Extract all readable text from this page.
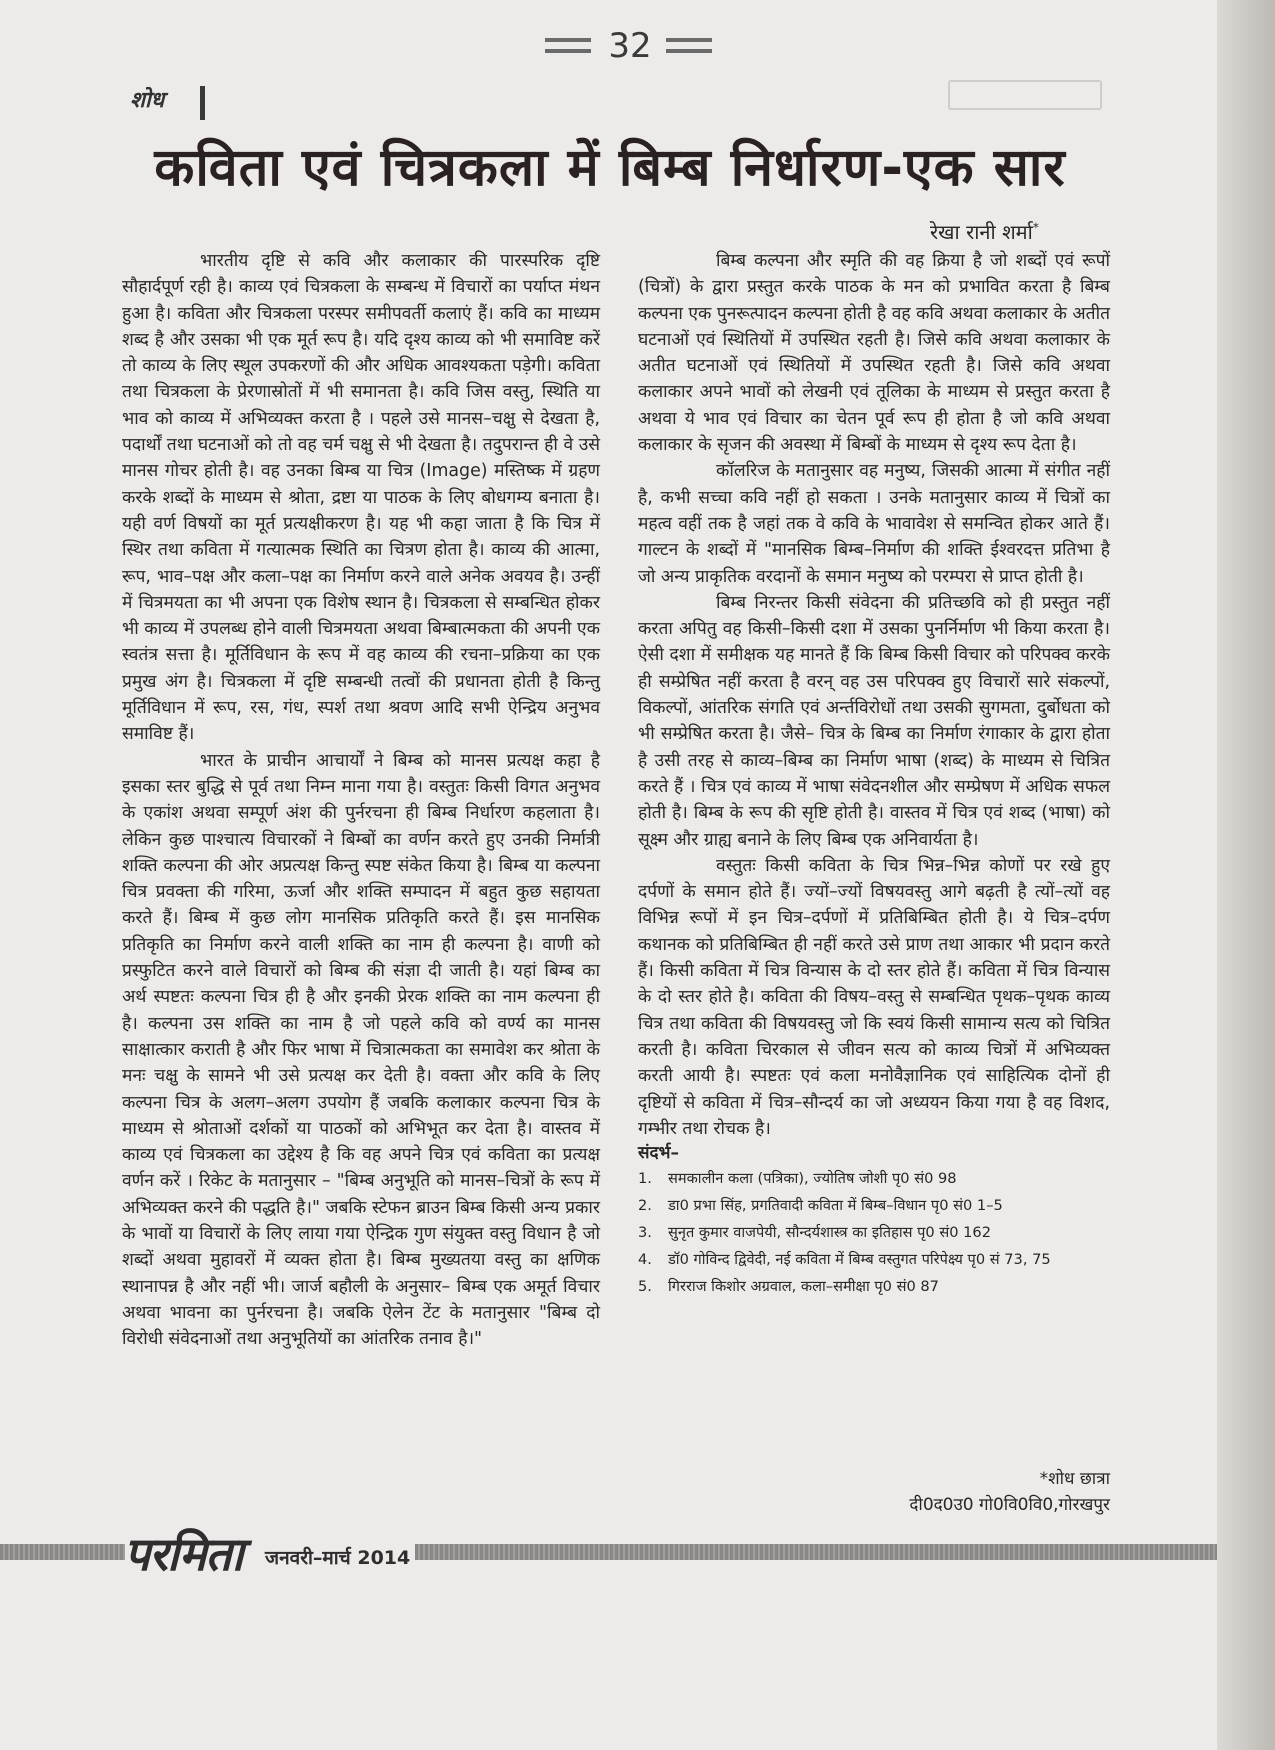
32
शोध
कविता एवं चित्रकला में बिम्ब निर्धारण-एक सार
रेखा रानी शर्मा*

भारतीय दृष्टि से कवि और कलाकार की पारस्परिक दृष्टि सौहार्दपूर्ण रही है। काव्य एवं चित्रकला के सम्बन्ध में विचारों का पर्याप्त मंथन हुआ है। कविता और चित्रकला परस्पर समीपवर्ती कलाएं हैं। कवि का माध्यम शब्द है और उसका भी एक मूर्त रूप है। यदि दृश्य काव्य को भी समाविष्ट करें तो काव्य के लिए स्थूल उपकरणों की और अधिक आवश्यकता पड़ेगी। कविता तथा चित्रकला के प्रेरणास्रोतों में भी समानता है। कवि जिस वस्तु, स्थिति या भाव को काव्य में अभिव्यक्त करता है । पहले उसे मानस–चक्षु से देखता है, पदार्थों तथा घटनाओं को तो वह चर्म चक्षु से भी देखता है। तदुपरान्त ही वे उसे मानस गोचर होती है। वह उनका बिम्ब या चित्र (Image) मस्तिष्क में ग्रहण करके शब्दों के माध्यम से श्रोता, द्रष्टा या पाठक के लिए बोधगम्य बनाता है। यही वर्ण विषयों का मूर्त प्रत्यक्षीकरण है। यह भी कहा जाता है कि चित्र में स्थिर तथा कविता में गत्यात्मक स्थिति का चित्रण होता है। काव्य की आत्मा, रूप, भाव–पक्ष और कला–पक्ष का निर्माण करने वाले अनेक अवयव है। उन्हीं में चित्रमयता का भी अपना एक विशेष स्थान है। चित्रकला से सम्बन्धित होकर भी काव्य में उपलब्ध होने वाली चित्रमयता अथवा बिम्बात्मकता की अपनी एक स्वतंत्र सत्ता है। मूर्तिविधान के रूप में वह काव्य की रचना–प्रक्रिया का एक प्रमुख अंग है। चित्रकला में दृष्टि सम्बन्धी तत्वों की प्रधानता होती है किन्तु मूर्तिविधान में रूप, रस, गंध, स्पर्श तथा श्रवण आदि सभी ऐन्द्रिय अनुभव समाविष्ट हैं।

भारत के प्राचीन आचार्यों ने बिम्ब को मानस प्रत्यक्ष कहा है इसका स्तर बुद्धि से पूर्व तथा निम्न माना गया है। वस्तुतः किसी विगत अनुभव के एकांश अथवा सम्पूर्ण अंश की पुर्नरचना ही बिम्ब निर्धारण कहलाता है। लेकिन कुछ पाश्चात्य विचारकों ने बिम्बों का वर्णन करते हुए उनकी निर्मात्री शक्ति कल्पना की ओर अप्रत्यक्ष किन्तु स्पष्ट संकेत किया है। बिम्ब या कल्पना चित्र प्रवक्ता की गरिमा, ऊर्जा और शक्ति सम्पादन में बहुत कुछ सहायता करते हैं। बिम्ब में कुछ लोग मानसिक प्रतिकृति करते हैं। इस मानसिक प्रतिकृति का निर्माण करने वाली शक्ति का नाम ही कल्पना है। वाणी को प्रस्फुटित करने वाले विचारों को बिम्ब की संज्ञा दी जाती है। यहां बिम्ब का अर्थ स्पष्टतः कल्पना चित्र ही है और इनकी प्रेरक शक्ति का नाम कल्पना ही है। कल्पना उस शक्ति का नाम है जो पहले कवि को वर्ण्य का मानस साक्षात्कार कराती है और फिर भाषा में चित्रात्मकता का समावेश कर श्रोता के मनः चक्षु के सामने भी उसे प्रत्यक्ष कर देती है। वक्ता और कवि के लिए कल्पना चित्र के अलग–अलग उपयोग हैं जबकि कलाकार कल्पना चित्र के माध्यम से श्रोताओं दर्शकों या पाठकों को अभिभूत कर देता है। वास्तव में काव्य एवं चित्रकला का उद्देश्य है कि वह अपने चित्र एवं कविता का प्रत्यक्ष वर्णन करें । रिकेट के मतानुसार – "बिम्ब अनुभूति को मानस–चित्रों के रूप में अभिव्यक्त करने की पद्धति है।" जबकि स्टेफन ब्राउन बिम्ब किसी अन्य प्रकार के भावों या विचारों के लिए लाया गया ऐन्द्रिक गुण संयुक्त वस्तु विधान है जो शब्दों अथवा मुहावरों में व्यक्त होता है। बिम्ब मुख्यतया वस्तु का क्षणिक स्थानापन्न है और नहीं भी। जार्ज बहौली के अनुसार– बिम्ब एक अमूर्त विचार अथवा भावना का पुर्नरचना है। जबकि ऐलेन टेंट के मतानुसार "बिम्ब दो विरोधी संवेदनाओं तथा अनुभूतियों का आंतरिक तनाव है।"

बिम्ब कल्पना और स्मृति की वह क्रिया है जो शब्दों एवं रूपों (चित्रों) के द्वारा प्रस्तुत करके पाठक के मन को प्रभावित करता है बिम्ब कल्पना एक पुनरूत्पादन कल्पना होती है वह कवि अथवा कलाकार के अतीत घटनाओं एवं स्थितियों में उपस्थित रहती है। जिसे कवि अथवा कलाकार के अतीत घटनाओं एवं स्थितियों में उपस्थित रहती है। जिसे कवि अथवा कलाकार अपने भावों को लेखनी एवं तूलिका के माध्यम से प्रस्तुत करता है अथवा ये भाव एवं विचार का चेतन पूर्व रूप ही होता है जो कवि अथवा कलाकार के सृजन की अवस्था में बिम्बों के माध्यम से दृश्य रूप देता है।

कॉलरिज के मतानुसार वह मनुष्य, जिसकी आत्मा में संगीत नहीं है, कभी सच्चा कवि नहीं हो सकता । उनके मतानुसार काव्य में चित्रों का महत्व वहीं तक है जहां तक वे कवि के भावावेश से समन्वित होकर आते हैं। गाल्टन के शब्दों में "मानसिक बिम्ब–निर्माण की शक्ति ईश्वरदत्त प्रतिभा है जो अन्य प्राकृतिक वरदानों के समान मनुष्य को परम्परा से प्राप्त होती है।

बिम्ब निरन्तर किसी संवेदना की प्रतिच्छवि को ही प्रस्तुत नहीं करता अपितु वह किसी–किसी दशा में उसका पुनर्निर्माण भी किया करता है। ऐसी दशा में समीक्षक यह मानते हैं कि बिम्ब किसी विचार को परिपक्व करके ही सम्प्रेषित नहीं करता है वरन् वह उस परिपक्व हुए विचारों सारे संकल्पों, विकल्पों, आंतरिक संगति एवं अर्न्तविरोधों तथा उसकी सुगमता, दुर्बोधता को भी सम्प्रेषित करता है। जैसे– चित्र के बिम्ब का निर्माण रंगाकार के द्वारा होता है उसी तरह से काव्य–बिम्ब का निर्माण भाषा (शब्द) के माध्यम से चित्रित करते हैं । चित्र एवं काव्य में भाषा संवेदनशील और सम्प्रेषण में अधिक सफल होती है। बिम्ब के रूप की सृष्टि होती है। वास्तव में चित्र एवं शब्द (भाषा) को सूक्ष्म और ग्राह्य बनाने के लिए बिम्ब एक अनिवार्यता है।

वस्तुतः किसी कविता के चित्र भिन्न–भिन्न कोणों पर रखे हुए दर्पणों के समान होते हैं। ज्यों–ज्यों विषयवस्तु आगे बढ़ती है त्यों–त्यों वह विभिन्न रूपों में इन चित्र–दर्पणों में प्रतिबिम्बित होती है। ये चित्र–दर्पण कथानक को प्रतिबिम्बित ही नहीं करते उसे प्राण तथा आकार भी प्रदान करते हैं। किसी कविता में चित्र विन्यास के दो स्तर होते हैं। कविता में चित्र विन्यास के दो स्तर होते है। कविता की विषय–वस्तु से सम्बन्धित पृथक–पृथक काव्य चित्र तथा कविता की विषयवस्तु जो कि स्वयं किसी सामान्य सत्य को चित्रित करती है। कविता चिरकाल से जीवन सत्य को काव्य चित्रों में अभिव्यक्त करती आयी है। स्पष्टतः एवं कला मनोवैज्ञानिक एवं साहित्यिक दोनों ही दृष्टियों से कविता में चित्र–सौन्दर्य का जो अध्ययन किया गया है वह विशद, गम्भीर तथा रोचक है।

संदर्भ–
1.	समकालीन कला (पत्रिका), ज्योतिष जोशी पृ0 सं0 98
2.	डा0 प्रभा सिंह, प्रगतिवादी कविता में बिम्ब–विधान पृ0 सं0 1–5
3.	सुनृत कुमार वाजपेयी, सौन्दर्यशास्त्र का इतिहास पृ0 सं0 162
4.	डॉ0 गोविन्द द्विवेदी, नई कविता में बिम्ब वस्तुगत परिपेक्ष्य पृ0 सं 73, 75
5.	गिरराज किशोर अग्रवाल, कला–समीक्षा पृ0 सं0 87
*शोध छात्रा
दी0द0उ0 गो0वि0वि0,गोरखपुर
परमिता जनवरी–मार्च 2014
